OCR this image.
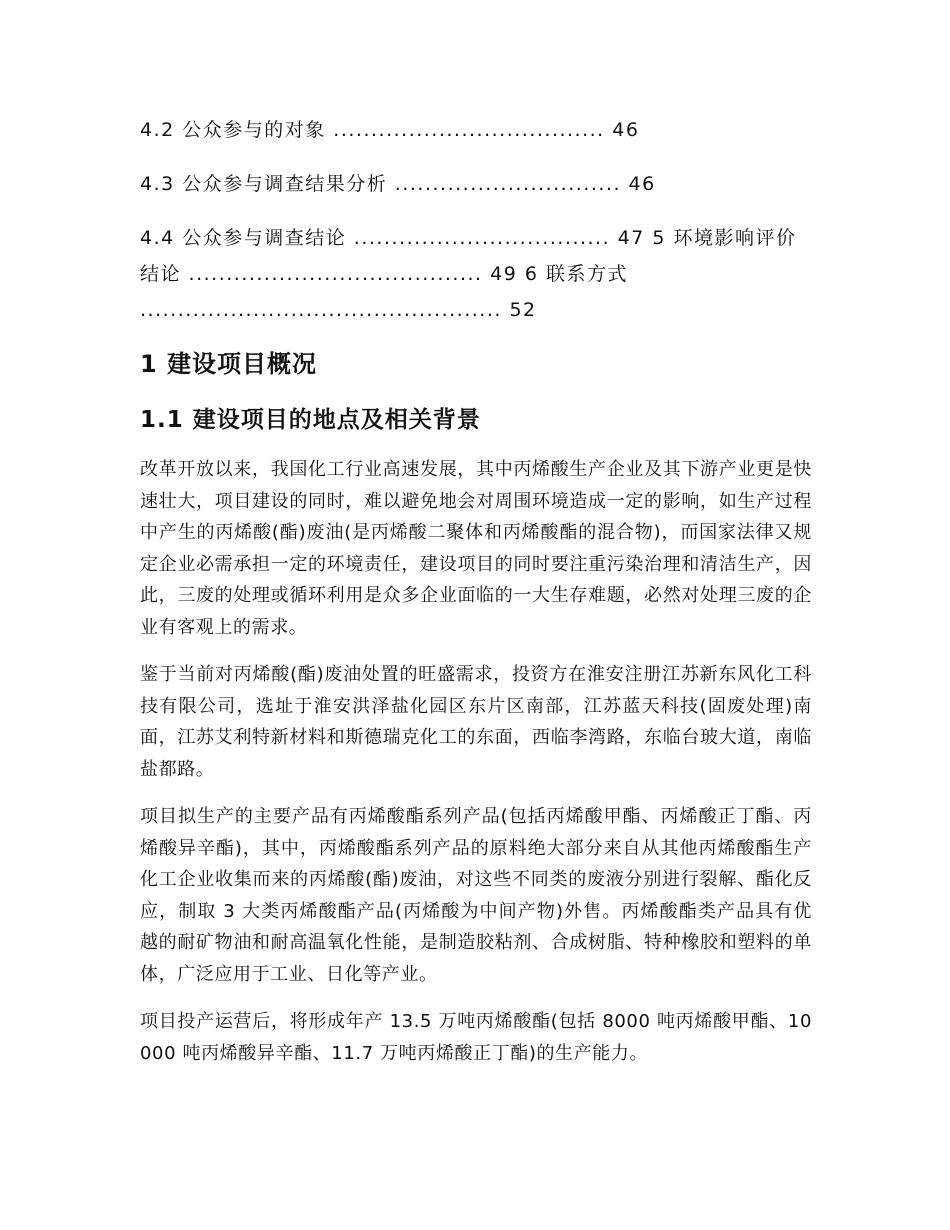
4.2 公众参与的对象 .................................... 46

4.3 公众参与调查结果分析 .............................. 46

4.4 公众参与调查结论 .................................. 47 5 环境影响评价结论 ....................................... 49 6 联系方式 ................................................ 52

1 建设项目概况
1.1 建设项目的地点及相关背景

改革开放以来，我国化工行业高速发展，其中丙烯酸生产企业及其下游产业更是快速壮大，项目建设的同时，难以避免地会对周围环境造成一定的影响，如生产过程中产生的丙烯酸(酯)废油(是丙烯酸二聚体和丙烯酸酯的混合物)，而国家法律又规定企业必需承担一定的环境责任，建设项目的同时要注重污染治理和清洁生产，因此，三废的处理或循环利用是众多企业面临的一大生存难题，必然对处理三废的企业有客观上的需求。

鉴于当前对丙烯酸(酯)废油处置的旺盛需求，投资方在淮安注册江苏新东风化工科技有限公司，选址于淮安洪泽盐化园区东片区南部，江苏蓝天科技(固废处理)南面，江苏艾利特新材料和斯德瑞克化工的东面，西临李湾路，东临台玻大道，南临盐都路。

项目拟生产的主要产品有丙烯酸酯系列产品(包括丙烯酸甲酯、丙烯酸正丁酯、丙烯酸异辛酯)，其中，丙烯酸酯系列产品的原料绝大部分来自从其他丙烯酸酯生产化工企业收集而来的丙烯酸(酯)废油，对这些不同类的废液分别进行裂解、酯化反应，制取 3 大类丙烯酸酯产品(丙烯酸为中间产物)外售。丙烯酸酯类产品具有优越的耐矿物油和耐高温氧化性能，是制造胶粘剂、合成树脂、特种橡胶和塑料的单体，广泛应用于工业、日化等产业。

项目投产运营后，将形成年产 13.5 万吨丙烯酸酯(包括 8000 吨丙烯酸甲酯、10000 吨丙烯酸异辛酯、11.7 万吨丙烯酸正丁酯)的生产能力。
